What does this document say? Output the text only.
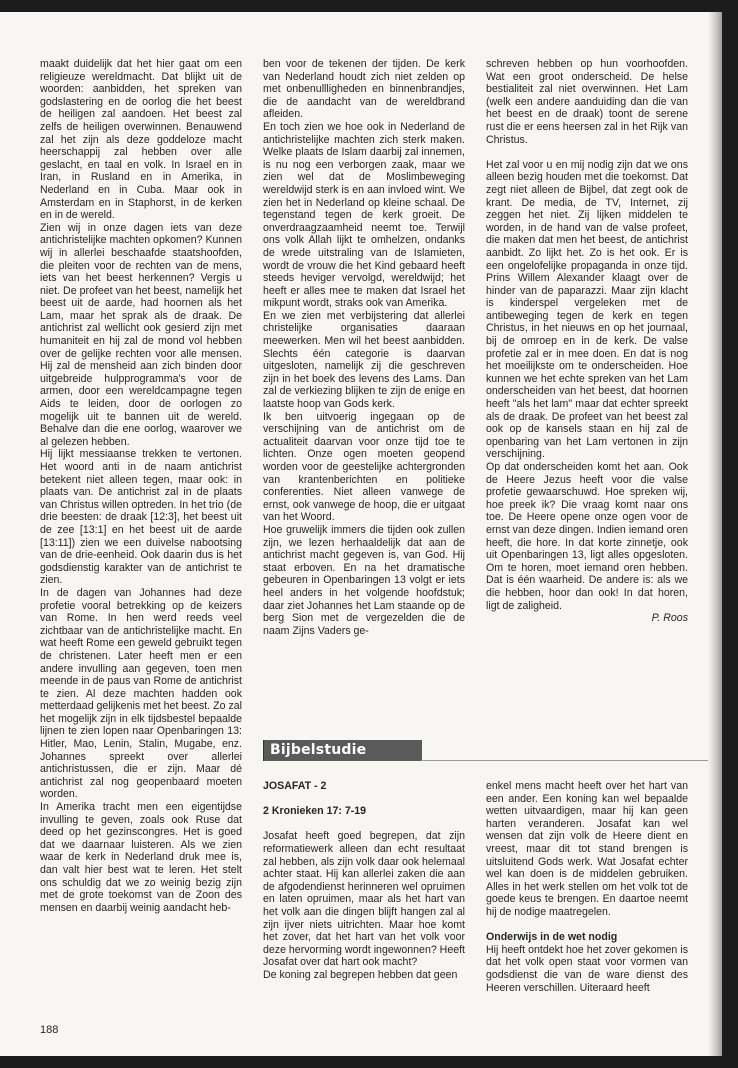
maakt duidelijk dat het hier gaat om een religieuze wereldmacht. Dat blijkt uit de woorden: aanbidden, het spreken van godslastering en de oorlog die het beest de heiligen zal aandoen. Het beest zal zelfs de heiligen overwinnen. Benauwend zal het zijn als deze goddeloze macht heerschappij zal hebben over alle geslacht, en taal en volk. In Israel en in Iran, in Rusland en in Amerika, in Nederland en in Cuba. Maar ook in Amsterdam en in Staphorst, in de kerken en in de wereld.

Zien wij in onze dagen iets van deze antichristelijke machten opkomen? Kunnen wij in allerlei beschaafde staatshoofden, die pleiten voor de rechten van de mens, iets van het beest herkennen? Vergis u niet. De profeet van het beest, namelijk het beest uit de aarde, had hoornen als het Lam, maar het sprak als de draak. De antichrist zal wellicht ook gesierd zijn met humaniteit en hij zal de mond vol hebben over de gelijke rechten voor alle mensen. Hij zal de mensheid aan zich binden door uitgebreide hulpprogramma's voor de armen, door een wereldcampagne tegen Aids te leiden, door de oorlogen zo mogelijk uit te bannen uit de wereld. Behalve dan die ene oorlog, waarover we al gelezen hebben.

Hij lijkt messiaanse trekken te vertonen. Het woord anti in de naam antichrist betekent niet alleen tegen, maar ook: in plaats van. De antichrist zal in de plaats van Christus willen optreden. In het trio (de drie beesten: de draak [12:3], het beest uit de zee [13:1] en het beest uit de aarde [13:11]) zien we een duivelse nabootsing van de drie-eenheid. Ook daarin dus is het godsdienstig karakter van de antichrist te zien.

In de dagen van Johannes had deze profetie vooral betrekking op de keizers van Rome. In hen werd reeds veel zichtbaar van de antichristelijke macht. En wat heeft Rome een geweld gebruikt tegen de christenen. Later heeft men er een andere invulling aan gegeven, toen men meende in de paus van Rome de antichrist te zien. Al deze machten hadden ook metterdaad gelijkenis met het beest. Zo zal het mogelijk zijn in elk tijdsbestel bepaalde lijnen te zien lopen naar Openbaringen 13: Hitler, Mao, Lenin, Stalin, Mugabe, enz. Johannes spreekt over allerlei antichristussen, die er zijn. Maar dé antichrist zal nog geopenbaard moeten worden.

In Amerika tracht men een eigentijdse invulling te geven, zoals ook Ruse dat deed op het gezinscongres. Het is goed dat we daarnaar luisteren. Als we zien waar de kerk in Nederland druk mee is, dan valt hier best wat te leren. Het stelt ons schuldig dat we zo weinig bezig zijn met de grote toekomst van de Zoon des mensen en daarbij weinig aandacht heb-

ben voor de tekenen der tijden. De kerk van Nederland houdt zich niet zelden op met onbenullligheden en binnenbrandjes, die de aandacht van de wereldbrand afleiden.

En toch zien we hoe ook in Nederland de antichristelijke machten zich sterk maken. Welke plaats de Islam daarbij zal innemen, is nu nog een verborgen zaak, maar we zien wel dat de Moslimbeweging wereldwijd sterk is en aan invloed wint. We zien het in Nederland op kleine schaal. De tegenstand tegen de kerk groeit. De onverdraagzaamheid neemt toe. Terwijl ons volk Allah lijkt te omhelzen, ondanks de wrede uitstraling van de Islamieten, wordt de vrouw die het Kind gebaard heeft steeds heviger vervolgd, wereldwijd; het heeft er alles mee te maken dat Israel het mikpunt wordt, straks ook van Amerika.

En we zien met verbijstering dat allerlei christelijke organisaties daaraan meewerken. Men wil het beest aanbidden. Slechts één categorie is daarvan uitgesloten, namelijk zij die geschreven zijn in het boek des levens des Lams. Dan zal de verkiezing blijken te zijn de enige en laatste hoop van Gods kerk.

Ik ben uitvoerig ingegaan op de verschijning van de antichrist om de actualiteit daarvan voor onze tijd toe te lichten. Onze ogen moeten geopend worden voor de geestelijke achtergronden van krantenberichten en politieke conferenties. Niet alleen vanwege de ernst, ook vanwege de hoop, die er uitgaat van het Woord.

Hoe gruwelijk immers die tijden ook zullen zijn, we lezen herhaaldelijk dat aan de antichrist macht gegeven is, van God. Hij staat erboven. En na het dramatische gebeuren in Openbaringen 13 volgt er iets heel anders in het volgende hoofdstuk; daar ziet Johannes het Lam staande op de berg Sion met de vergezelden die de naam Zijns Vaders ge-

schreven hebben op hun voorhoofden. Wat een groot onderscheid. De helse bestialiteit zal niet overwinnen. Het Lam (welk een andere aanduiding dan die van het beest en de draak) toont de serene rust die er eens heersen zal in het Rijk van Christus.

Het zal voor u en mij nodig zijn dat we ons alleen bezig houden met die toekomst. Dat zegt niet alleen de Bijbel, dat zegt ook de krant. De media, de TV, Internet, zij zeggen het niet. Zij lijken middelen te worden, in de hand van de valse profeet, die maken dat men het beest, de antichrist aanbidt. Zo lijkt het. Zo is het ook. Er is een ongelofelijke propaganda in onze tijd. Prins Willem Alexander klaagt over de hinder van de paparazzi. Maar zijn klacht is kinderspel vergeleken met de antibeweging tegen de kerk en tegen Christus, in het nieuws en op het journaal, bij de omroep en in de kerk. De valse profetie zal er in mee doen. En dat is nog het moeilijkste om te onderscheiden. Hoe kunnen we het echte spreken van het Lam onderscheiden van het beest, dat hoornen heeft "als het lam" maar dat echter spreekt als de draak. De profeet van het beest zal ook op de kansels staan en hij zal de openbaring van het Lam vertonen in zijn verschijning.

Op dat onderscheiden komt het aan. Ook de Heere Jezus heeft voor die valse profetie gewaarschuwd. Hoe spreken wij, hoe preek ik? Die vraag komt naar ons toe. De Heere opene onze ogen voor de ernst van deze dingen. Indien iemand oren heeft, die hore. In dat korte zinnetje, ook uit Openbaringen 13, ligt alles opgesloten. Om te horen, moet iemand oren hebben. Dat is één waarheid. De andere is: als we die hebben, hoor dan ook! In dat horen, ligt de zaligheid.

P. Roos

Bijbelstudie

JOSAFAT - 2

2 Kronieken 17: 7-19

Josafat heeft goed begrepen, dat zijn reformatiewerk alleen dan echt resultaat zal hebben, als zijn volk daar ook helemaal achter staat. Hij kan allerlei zaken die aan de afgodendienst herinneren wel opruimen en laten opruimen, maar als het hart van het volk aan die dingen blijft hangen zal al zijn ijver niets uitrichten. Maar hoe komt het zover, dat het hart van het volk voor deze hervorming wordt ingewonnen? Heeft Josafat over dat hart ook macht?

De koning zal begrepen hebben dat geen

enkel mens macht heeft over het hart van een ander. Een koning kan wel bepaalde wetten uitvaardigen, maar hij kan geen harten veranderen. Josafat kan wel wensen dat zijn volk de Heere dient en vreest, maar dit tot stand brengen is uitsluitend Gods werk. Wat Josafat echter wel kan doen is de middelen gebruiken. Alles in het werk stellen om het volk tot de goede keus te brengen. En daartoe neemt hij de nodige maatregelen.

Onderwijs in de wet nodig

Hij heeft ontdekt hoe het zover gekomen is dat het volk open staat voor vormen van godsdienst die van de ware dienst des Heeren verschillen. Uiteraard heeft

188
